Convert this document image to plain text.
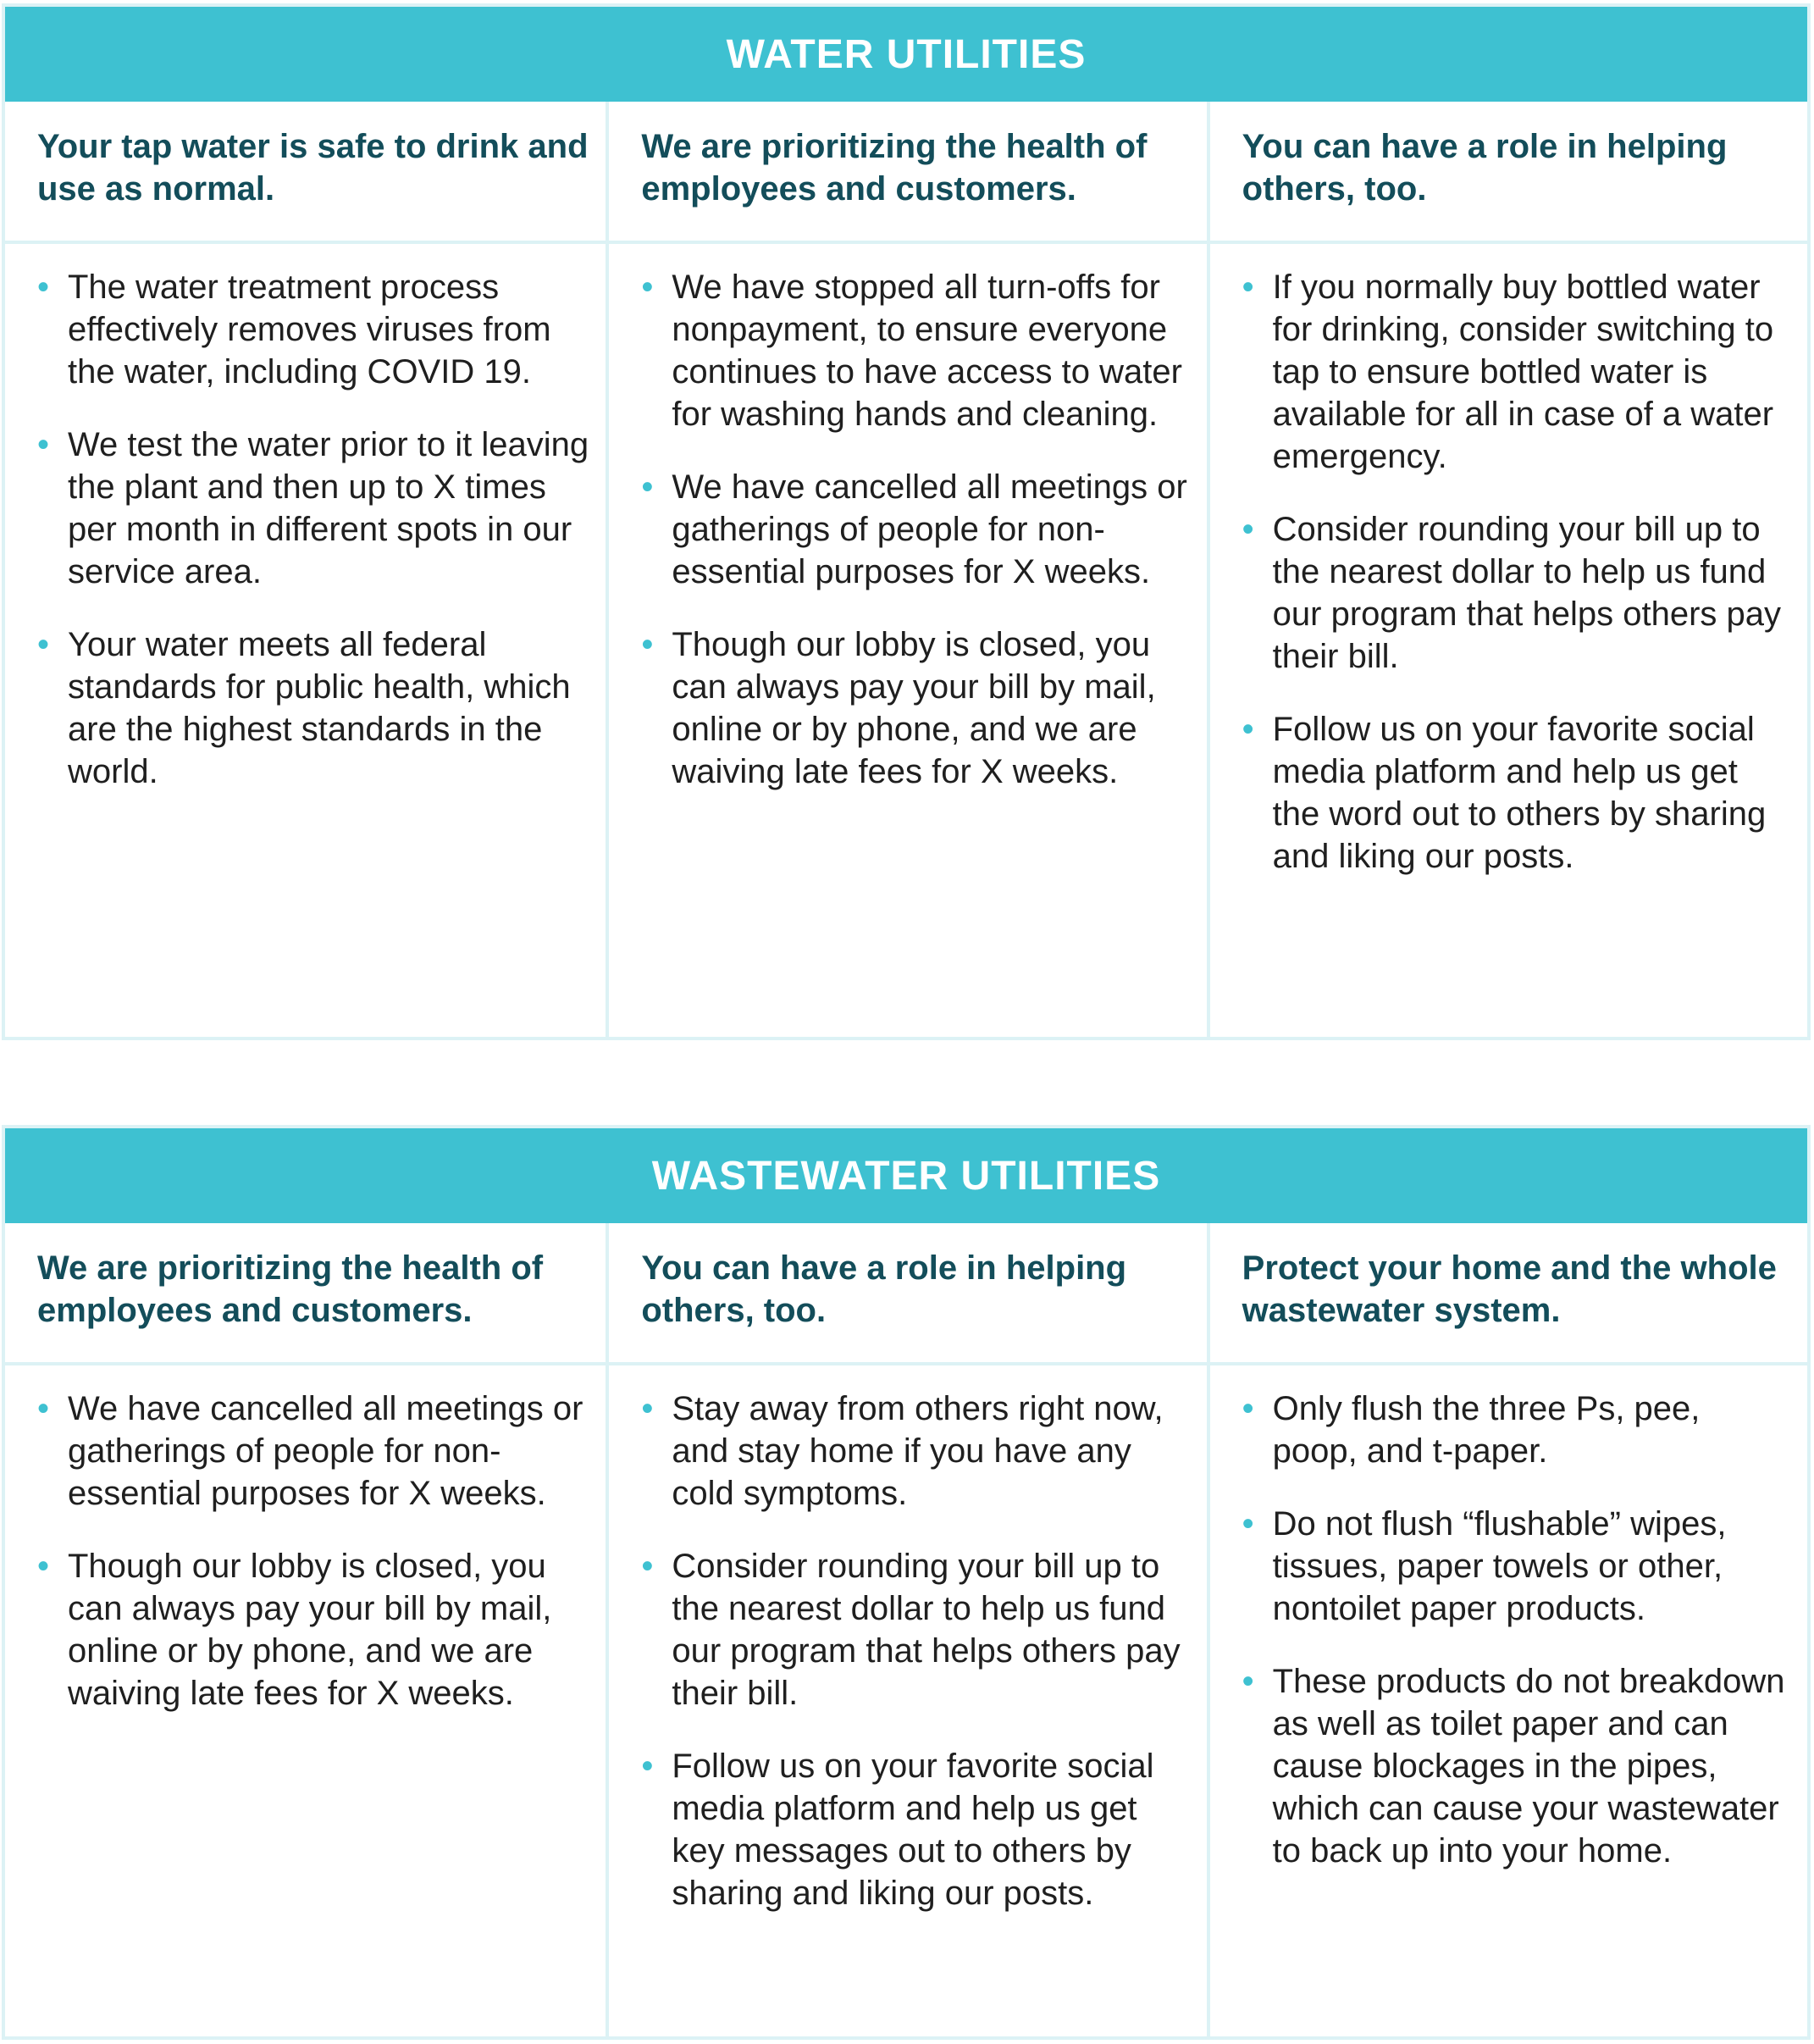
WATER UTILITIES
Your tap water is safe to drink and use as normal.
• The water treatment process effectively removes viruses from the water, including COVID 19.
• We test the water prior to it leaving the plant and then up to X times per month in different spots in our service area.
• Your water meets all federal standards for public health, which are the highest standards in the world.
We are prioritizing the health of employees and customers.
• We have stopped all turn-offs for nonpayment, to ensure everyone continues to have access to water for washing hands and cleaning.
• We have cancelled all meetings or gatherings of people for non-essential purposes for X weeks.
• Though our lobby is closed, you can always pay your bill by mail, online or by phone, and we are waiving late fees for X weeks.
You can have a role in helping others, too.
• If you normally buy bottled water for drinking, consider switching to tap to ensure bottled water is available for all in case of a water emergency.
• Consider rounding your bill up to the nearest dollar to help us fund our program that helps others pay their bill.
• Follow us on your favorite social media platform and help us get the word out to others by sharing and liking our posts.
WASTEWATER UTILITIES
We are prioritizing the health of employees and customers.
• We have cancelled all meetings or gatherings of people for non-essential purposes for X weeks.
• Though our lobby is closed, you can always pay your bill by mail, online or by phone, and we are waiving late fees for X weeks.
You can have a role in helping others, too.
• Stay away from others right now, and stay home if you have any cold symptoms.
• Consider rounding your bill up to the nearest dollar to help us fund our program that helps others pay their bill.
• Follow us on your favorite social media platform and help us get key messages out to others by sharing and liking our posts.
Protect your home and the whole wastewater system.
• Only flush the three Ps, pee, poop, and t-paper.
• Do not flush “flushable” wipes, tissues, paper towels or other, nontoilet paper products.
• These products do not breakdown as well as toilet paper and can cause blockages in the pipes, which can cause your wastewater to back up into your home.
